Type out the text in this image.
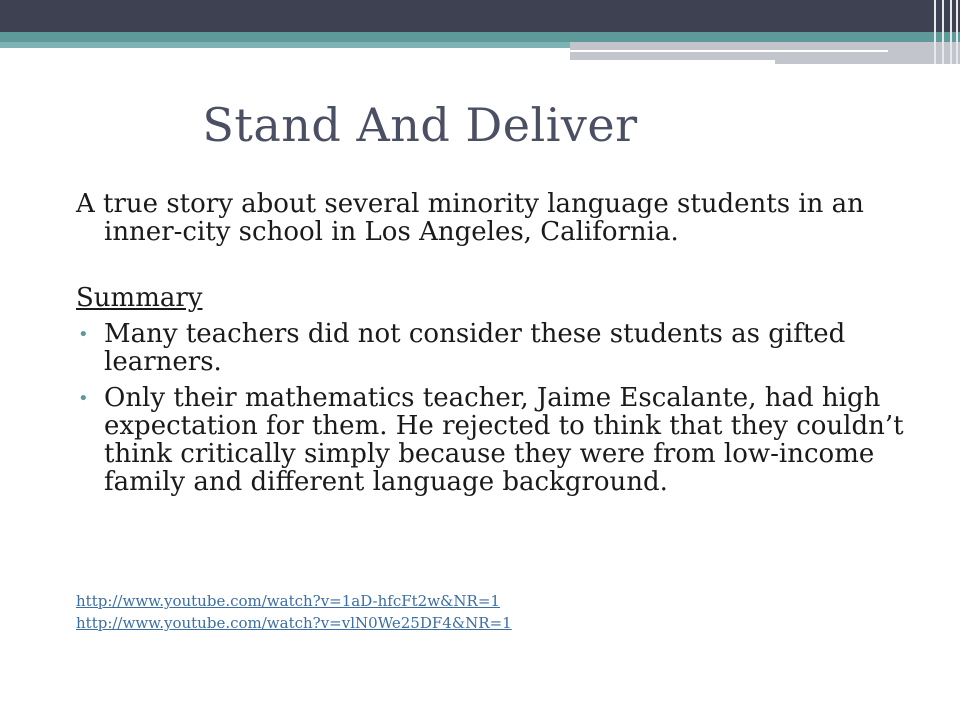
Stand And Deliver

A true story about several minority language students in an inner-city school in Los Angeles, California.

Summary
• Many teachers did not consider these students as gifted learners.
• Only their mathematics teacher, Jaime Escalante, had high expectation for them. He rejected to think that they couldn’t think critically simply because they were from low-income family and different language background.
http://www.youtube.com/watch?v=1aD-hfcFt2w&NR=1
http://www.youtube.com/watch?v=vlN0We25DF4&NR=1
